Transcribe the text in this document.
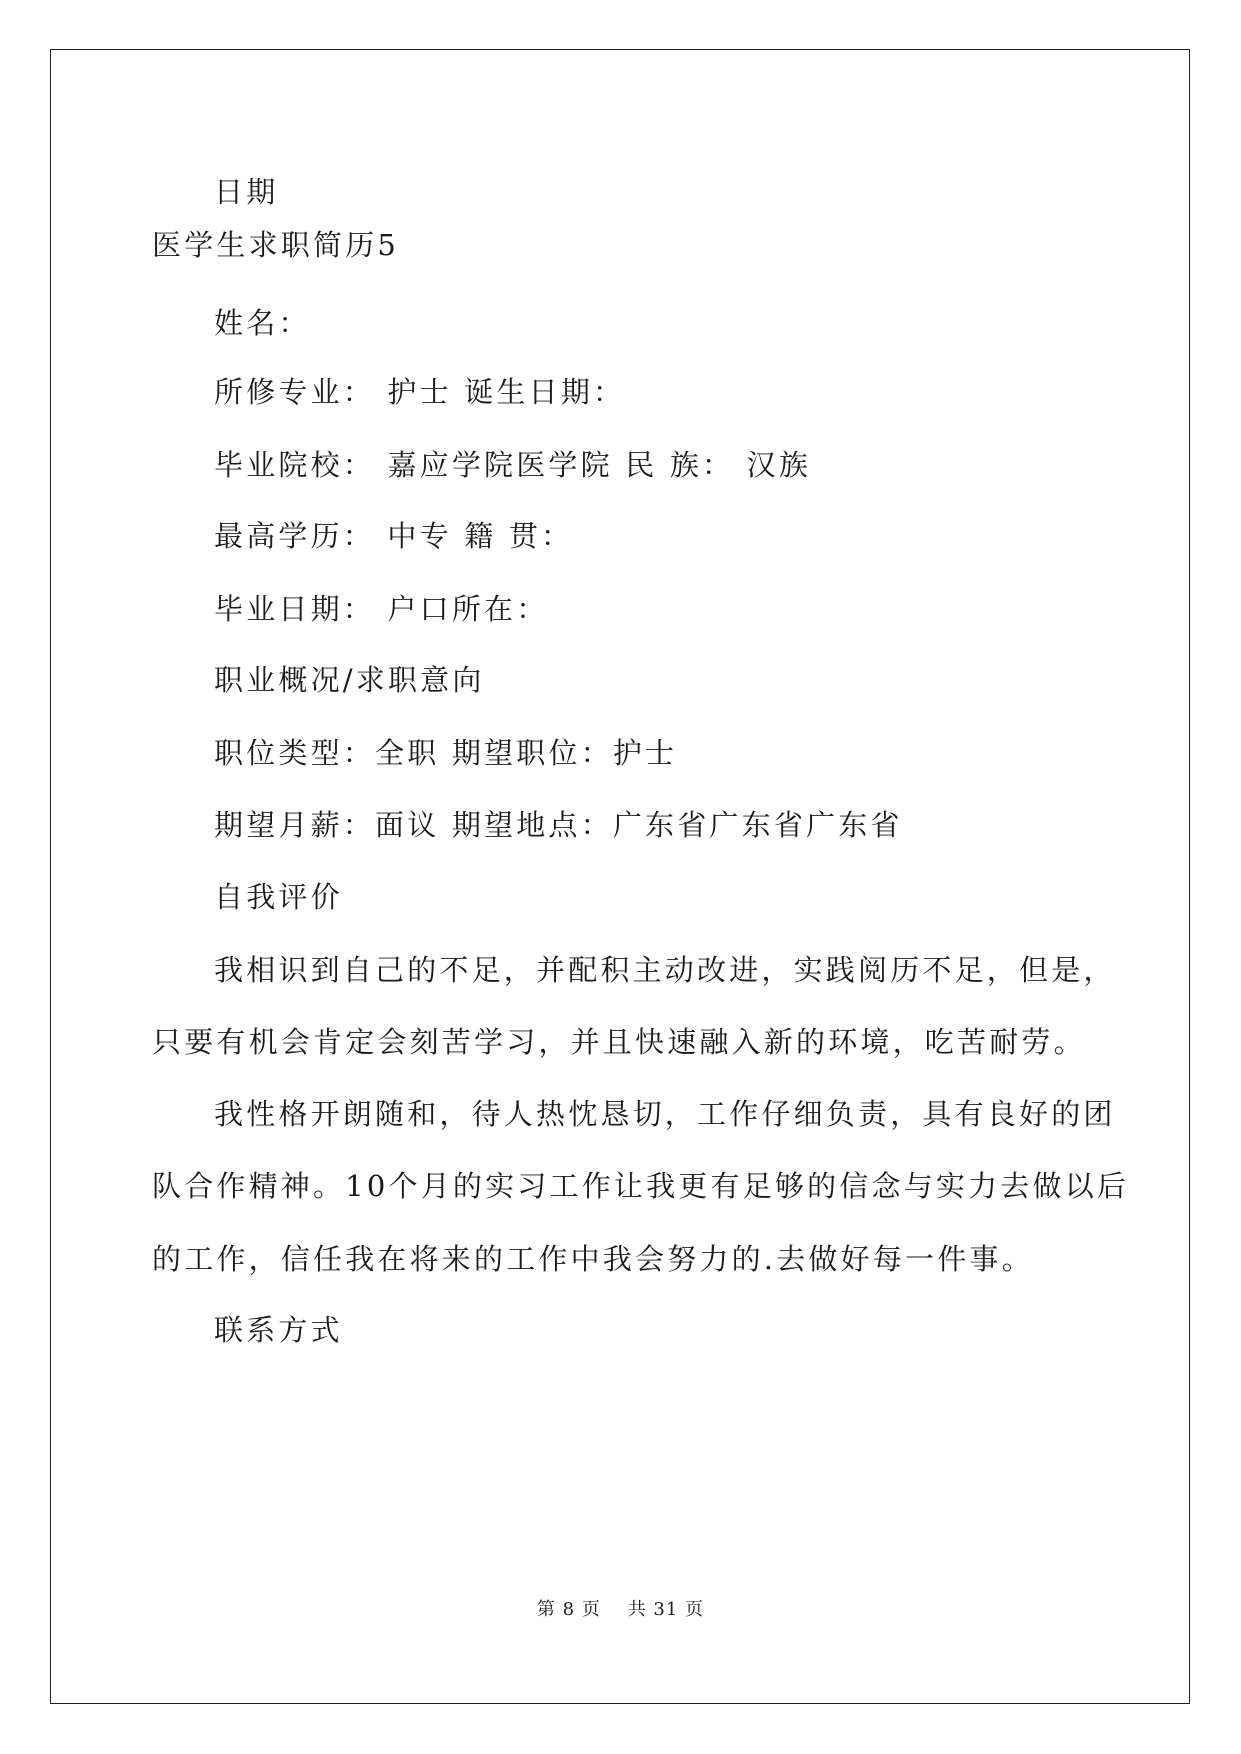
日期
医学生求职简历5
姓名：
所修专业： 护士 诞生日期：
毕业院校： 嘉应学院医学院 民 族： 汉族
最高学历： 中专 籍 贯：
毕业日期： 户口所在：
职业概况/求职意向
职位类型：全职 期望职位：护士
期望月薪：面议 期望地点：广东省广东省广东省
自我评价
我相识到自己的不足，并配积主动改进，实践阅历不足，但是，
只要有机会肯定会刻苦学习，并且快速融入新的环境，吃苦耐劳。
我性格开朗随和，待人热忱恳切，工作仔细负责，具有良好的团
队合作精神。10个月的实习工作让我更有足够的信念与实力去做以后
的工作，信任我在将来的工作中我会努力的.去做好每一件事。
联系方式
第 8 页    共 31 页
